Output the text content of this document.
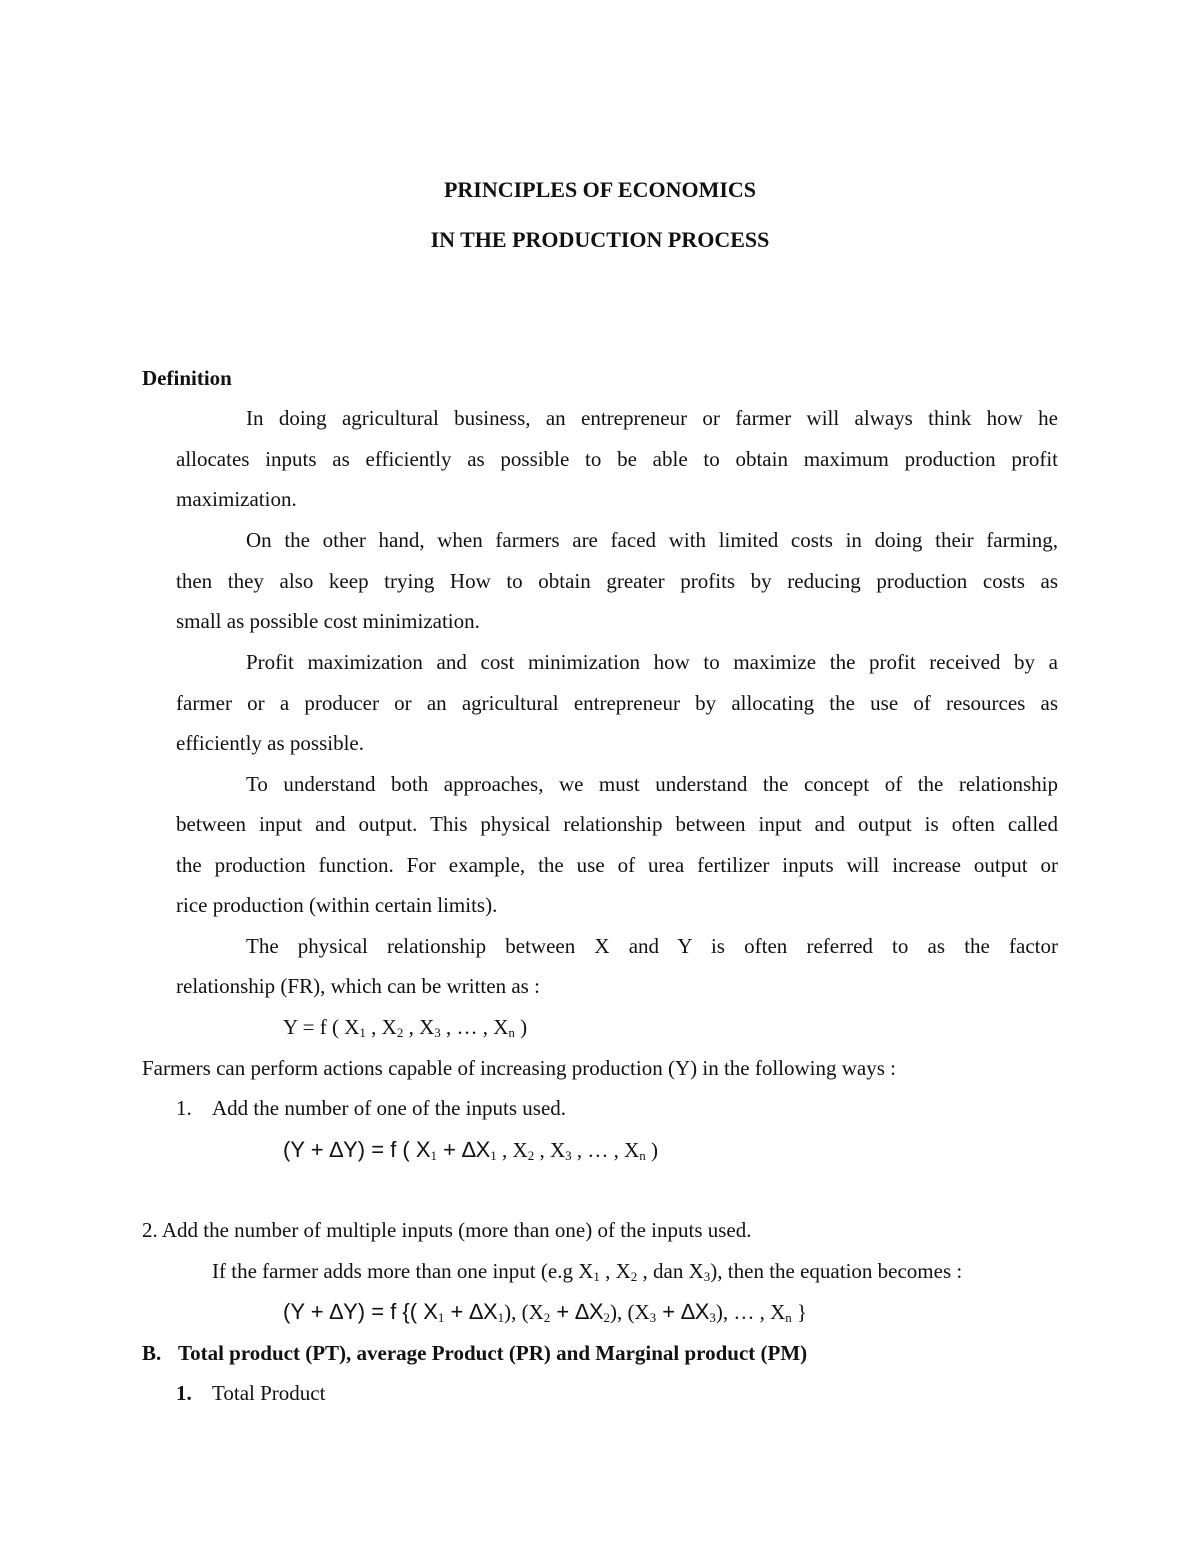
PRINCIPLES OF ECONOMICS

IN THE PRODUCTION PROCESS

Definition

In doing agricultural business, an entrepreneur or farmer will always think how he

allocates inputs as efficiently as possible to be able to obtain maximum production profit

maximization.

On the other hand, when farmers are faced with limited costs in doing their farming,

then they also keep trying How to obtain greater profits by reducing production costs as

small as possible cost minimization.

Profit maximization and cost minimization how to maximize the profit received by a

farmer or a producer or an agricultural entrepreneur by allocating the use of resources as

efficiently as possible.

To understand both approaches, we must understand the concept of the relationship

between input and output. This physical relationship between input and output is often called

the production function. For example, the use of urea fertilizer inputs will increase output or

rice production (within certain limits).

The physical relationship between X and Y is often referred to as the factor

relationship (FR), which can be written as :

Y = f ( $X_1$ , $X_2$ , $X_3$ , … , $X_n$ )

Farmers can perform actions capable of increasing production (Y) in the following ways :

1. Add the number of one of the inputs used.

(Y + ∆Y) = f ( $X_1 + \Delta X_1$ , $X_2$ , $X_3$ , … , $X_n$ )

2. Add the number of multiple inputs (more than one) of the inputs used.

If the farmer adds more than one input (e.g $X_1$ , $X_2$ , dan $X_3$), then the equation becomes :

(Y + ∆Y) = f {( $X_1 + \Delta X_1$), $(X_2 + \Delta X_2)$, $(X_3 + \Delta X_3)$, … , $X_n$ }

B. Total product (PT), average Product (PR) and Marginal product (PM)

1. Total Product
